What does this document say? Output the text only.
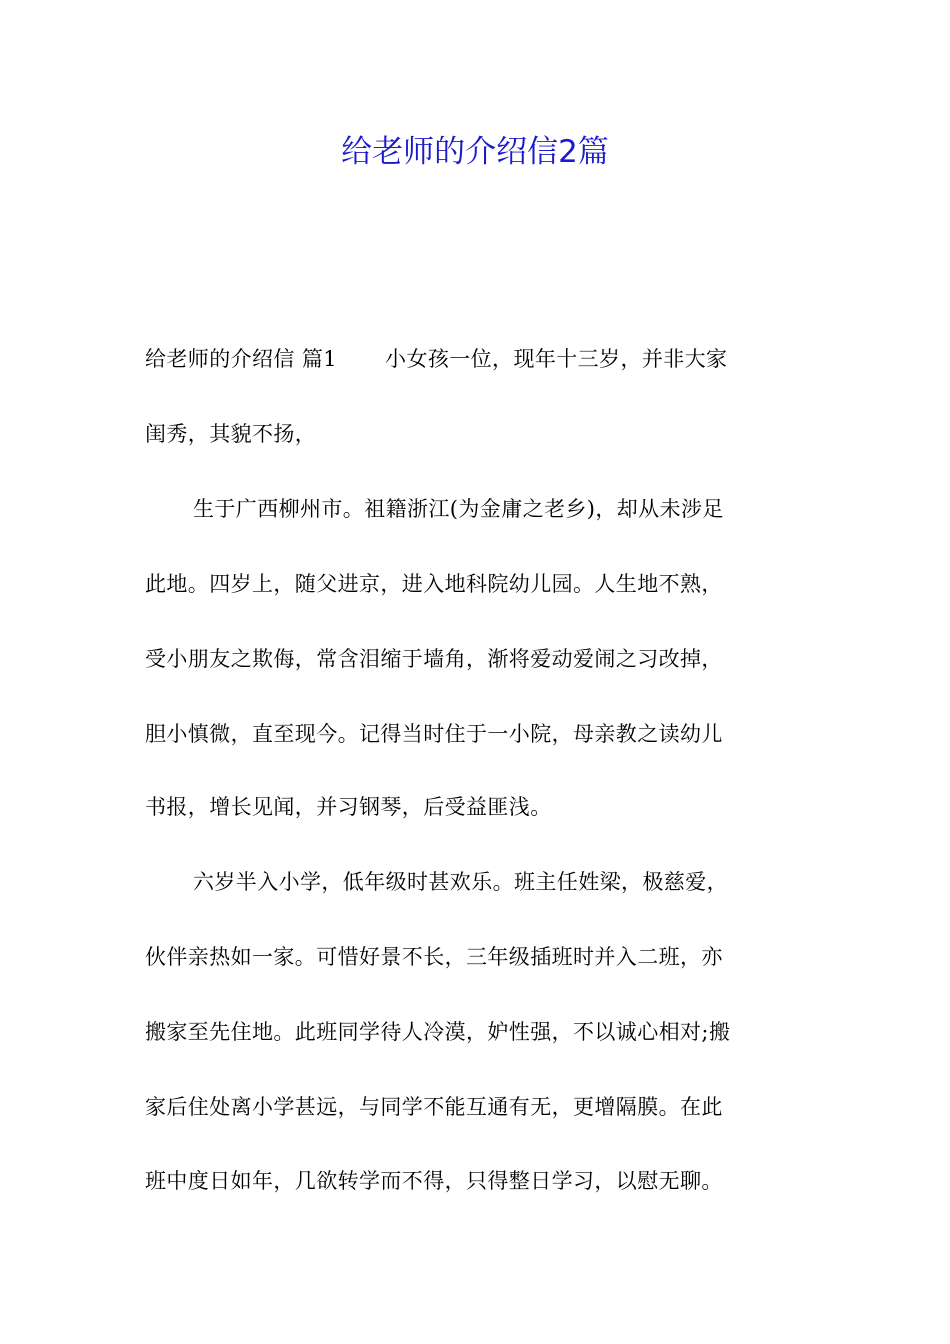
给老师的介绍信2篇
给老师的介绍信 篇1 小女孩一位，现年十三岁，并非大家
闺秀，其貌不扬，
生于广西柳州市。祖籍浙江(为金庸之老乡)，却从未涉足
此地。四岁上，随父进京，进入地科院幼儿园。人生地不熟，
受小朋友之欺侮，常含泪缩于墙角，渐将爱动爱闹之习改掉，
胆小慎微，直至现今。记得当时住于一小院，母亲教之读幼儿
书报，增长见闻，并习钢琴，后受益匪浅。
六岁半入小学，低年级时甚欢乐。班主任姓梁，极慈爱，
伙伴亲热如一家。可惜好景不长，三年级插班时并入二班，亦
搬家至先住地。此班同学待人冷漠，妒性强，不以诚心相对;搬
家后住处离小学甚远，与同学不能互通有无，更增隔膜。在此
班中度日如年，几欲转学而不得，只得整日学习，以慰无聊。
